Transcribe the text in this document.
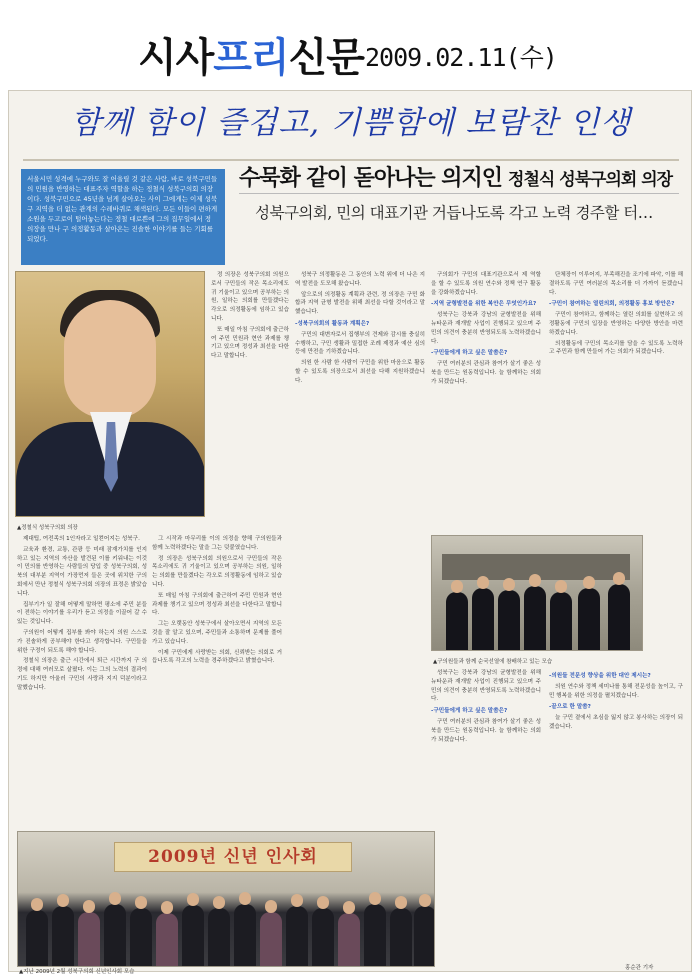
시사프리신문 2009.02.11(수)
함께 함이 즐겁고, 기쁨함에 보람찬 인생
서울시민 성격에 누구와도 잘 어울릴 것 같은 사람, 바로 성북구민들의 민원을 반영하는 대표주자 역할을 하는 정철식 성북구의회 의장이다. 성북구민으로 45년을 넘게 살아오는 사이 그에게는 이제 성북구 지역을 더 없는 관계의 수레바퀴로 채색된다. 모든 이들이 편하게 소원을 두고로이 털어놓는다는 정철 대로쁜에 그의 집무일에서 정 의장을 만나 구 의정활동과 살아온는 진솔한 이야기를 들는 기회를 되었다.
수묵화 같이 돋아나는 의지인 정철식 성북구의회 의장
성북구의회, 민의 대표기관 거듭나도록 각고 노력 경주할 터…
▲정철식 성북구의회 의장

제대팁, 여전족의 1인자라고 일컫어지는 성북구.

교육과 환경, 교통, 관광 등 미래 잠재가치를 인지하고 있는 지역의 자산을 발견된 이를 키워내는 이것이 민의를 반영하는 사람들의 당입 중 성북구의회, 성북의 대부분 지역이 가장먼저 들은 곳에 위치한 구의회에서 만난 정철식 성북구의회 의장의 표정은 밝았습니다.

집부기가 일 잘해 어떻게 말하면 평소에 주민 분들이 전하는 이야기를 우리가 듣고 의정을 이끌어 갈 수 있는 것입니다.

구의원이 어떻게 집부를 봐야 하는지 의원 스스로가 진솔하게 공부해야 한다고 생각합니다. 구민들을 위한 구정이 되도록 해야 합니다.

정철식 의장은 출근 시간에서 퇴근 시간까지 구 의정에 대해 여러모로 살폈다. 이는 그의 노력의 결과이기도 하지만 아울러 구민의 사랑과 지지 덕분이라고 말했습니다.

그 시작과 마무리를 이의 의정을 향해 구의원들과 함께 노력하겠다는 말을 그는 덧붙였습니다.

정 의장은 성북구의회 의원으로서 구민들의 작은 목소리에도 귀 기울이고 있으며 공부하는 의원, 일하는 의회를 만들겠다는 각오로 의정활동에 임하고 있습니다.

또 매일 아침 구의회에 출근하여 주민 민원과 현안 과제를 챙기고 있으며 정성과 최선을 다한다고 말합니다.

그는 오랫동안 성북구에서 살아오면서 지역의 모든 것을 잘 알고 있으며, 주민들과 소통하며 문제를 풀어가고 있습니다.

이제 구민에게 사랑받는 의회, 신뢰받는 의회로 거듭나도록 각고의 노력을 경주하겠다고 밝혔습니다.

정 의장은 성북구의회 의원으로서 구민들의 작은 목소리에도 귀 기울이고 있으며 공부하는 의원, 일하는 의회를 만들겠다는 각오로 의정활동에 임하고 있습니다.

또 매일 아침 구의회에 출근하여 주민 민원과 현안 과제를 챙기고 있으며 정성과 최선을 다한다고 말합니다.

성북구 의정활동은 그 동안의 노력 위에 더 나은 지역 발전을 도모해 왔습니다.

앞으로의 의정활동 계획과 관련, 정 의장은 구민 화합과 지역 균형 발전을 위해 최선을 다할 것이라고 말했습니다.

-성북구의회의 활동과 계획은?

구민의 대변자로서 집행부의 견제와 감시를 충실히 수행하고, 구민 생활과 밀접한 조례 제정과 예산 심의 등에 만전을 기하겠습니다.

의원 한 사람 한 사람이 구민을 위한 마음으로 활동할 수 있도록 의장으로서 최선을 다해 지원하겠습니다.

구의회가 구민의 대표기관으로서 제 역할을 할 수 있도록 의원 연수와 정책 연구 활동을 강화하겠습니다.

-지역 균형발전을 위한 복안은 무엇인가요?

성북구는 강북과 강남의 균형발전을 위해 뉴타운과 재개발 사업이 진행되고 있으며 주민의 의견이 충분히 반영되도록 노력하겠습니다.

-구민들에게 하고 싶은 말씀은?

구민 여러분의 관심과 참여가 살기 좋은 성북을 만드는 원동력입니다. 늘 함께하는 의회가 되겠습니다.

단체장이 이루어지, 부족해진을 조기에 파악, 이를 해결하도록 구민 여러분의 목소리를 더 가까이 듣겠습니다.

-구민이 참여하는 열린의회, 의정활동 홍보 방안은?

구민이 참여하고, 함께하는 열린 의회를 실현하고 의정활동에 구민의 입장을 반영하는 다양한 방안을 마련하겠습니다.

의정활동에 구민의 목소리를 담을 수 있도록 노력하고 주민과 함께 만들어 가는 의회가 되겠습니다.

▲구의원들과 함께 순국선열에 참배하고 있는 모습

성북구는 강북과 강남의 균형발전을 위해 뉴타운과 재개발 사업이 진행되고 있으며 주민의 의견이 충분히 반영되도록 노력하겠습니다.

-구민들에게 하고 싶은 말씀은?

구민 여러분의 관심과 참여가 살기 좋은 성북을 만드는 원동력입니다. 늘 함께하는 의회가 되겠습니다.

-의원들 전문성 향상을 위한 대안 제시는?

의원 연수와 정책 세미나를 통해 전문성을 높이고, 구민 행복을 위한 의정을 펼치겠습니다.

-끝으로 한 말씀?

늘 구민 곁에서 초심을 잃지 않고 봉사하는 의장이 되겠습니다.

2009년 신년 인사회
▲지난 2009년 2월 성북구의회 신년인사회 모습
홍순관 기자
